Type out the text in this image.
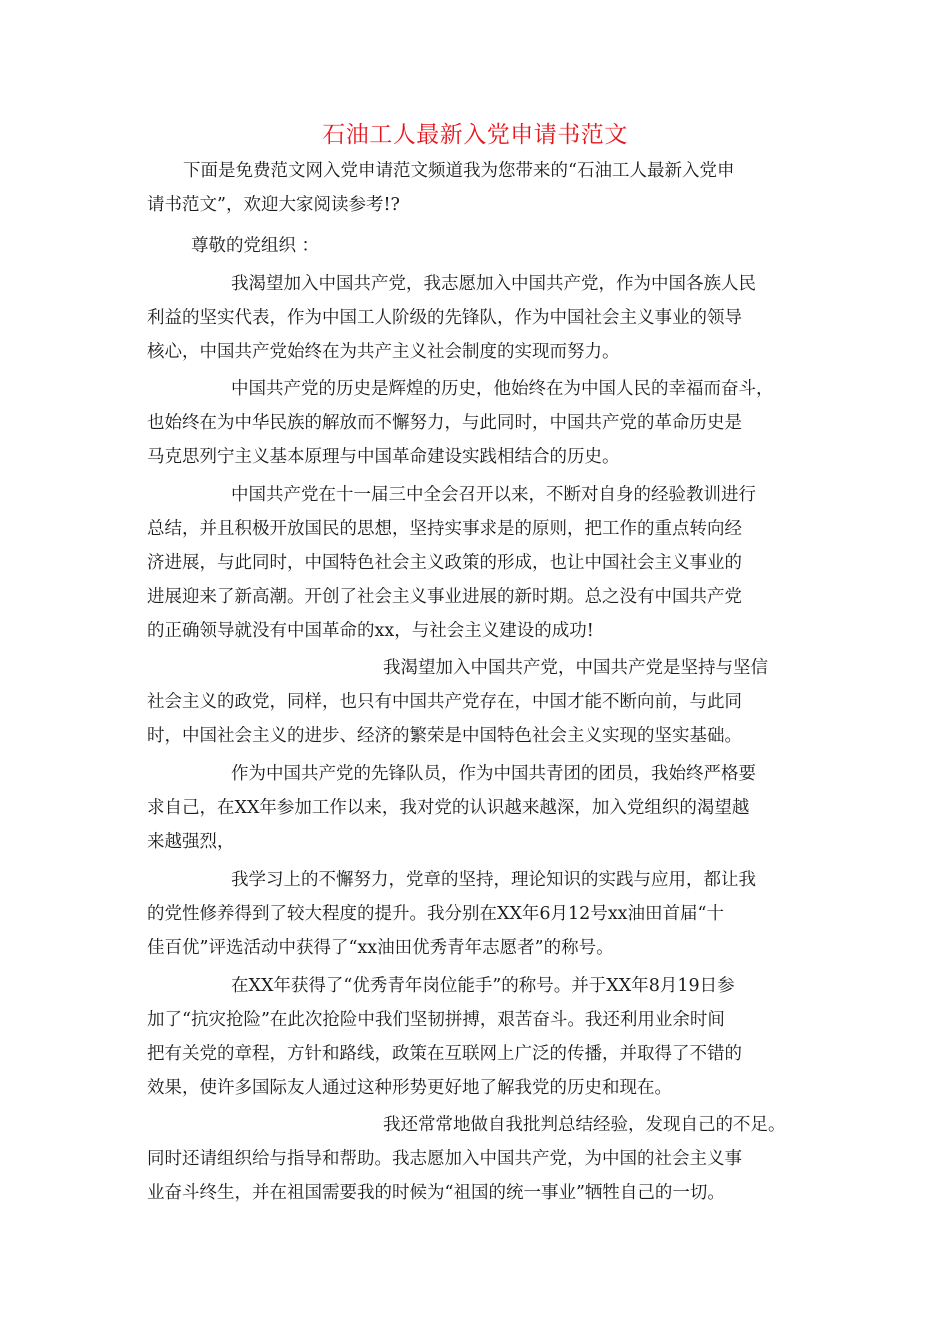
石油工人最新入党申请书范文
下面是免费范文网入党申请范文频道我为您带来的“石油工人最新入党申
请书范文”，欢迎大家阅读参考!?
尊敬的党组织 ：
我渴望加入中国共产党，我志愿加入中国共产党，作为中国各族人民
利益的坚实代表，作为中国工人阶级的先锋队，作为中国社会主义事业的领导
核心，中国共产党始终在为共产主义社会制度的实现而努力。
中国共产党的历史是辉煌的历史，他始终在为中国人民的幸福而奋斗，
也始终在为中华民族的解放而不懈努力，与此同时，中国共产党的革命历史是
马克思列宁主义基本原理与中国革命建设实践相结合的历史。
中国共产党在十一届三中全会召开以来，不断对自身的经验教训进行
总结，并且积极开放国民的思想，坚持实事求是的原则，把工作的重点转向经
济进展，与此同时，中国特色社会主义政策的形成，也让中国社会主义事业的
进展迎来了新高潮。开创了社会主义事业进展的新时期。总之没有中国共产党
的正确领导就没有中国革命的xx，与社会主义建设的成功!
我渴望加入中国共产党，中国共产党是坚持与坚信
社会主义的政党，同样，也只有中国共产党存在，中国才能不断向前，与此同
时，中国社会主义的进步、经济的繁荣是中国特色社会主义实现的坚实基础。
作为中国共产党的先锋队员，作为中国共青团的团员，我始终严格要
求自己，在XX年参加工作以来，我对党的认识越来越深，加入党组织的渴望越
来越强烈，
我学习上的不懈努力，党章的坚持，理论知识的实践与应用，都让我
的党性修养得到了较大程度的提升。我分别在XX年6月12号xx油田首届“十
佳百优”评选活动中获得了“xx油田优秀青年志愿者”的称号。
在XX年获得了“优秀青年岗位能手”的称号。并于XX年8月19日参
加了“抗灾抢险”在此次抢险中我们坚韧拼搏，艰苦奋斗。我还利用业余时间
把有关党的章程，方针和路线，政策在互联网上广泛的传播，并取得了不错的
效果，使许多国际友人通过这种形势更好地了解我党的历史和现在。
我还常常地做自我批判总结经验，发现自己的不足。
同时还请组织给与指导和帮助。我志愿加入中国共产党，为中国的社会主义事
业奋斗终生，并在祖国需要我的时候为“祖国的统一事业”牺牲自己的一切。
